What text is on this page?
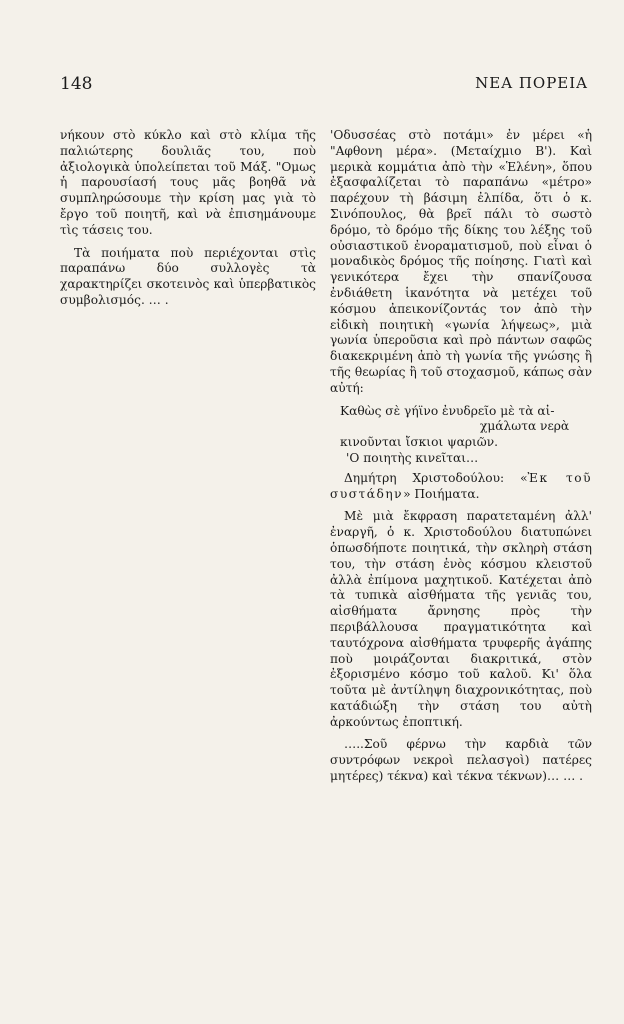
148	ΝΕΑ ΠΟΡΕΙΑ

νήκουν στὸ κύκλο καὶ στὸ κλίμα τῆς παλιώτερης δουλιᾶς του, ποὺ ἀξιολογικὰ ὑπολείπεται τοῦ Μάξ. "Ομως ἡ παρουσίασή τους μᾶς βοηθᾶ νὰ συμπληρώσουμε τὴν κρίση μας γιὰ τὸ ἔργο τοῦ ποιητῆ, καὶ νὰ ἐπισημάνουμε τὶς τάσεις του.

Τὰ ποιήματα ποὺ περιέχονται στὶς παραπάνω δύο συλλογὲς τὰ χαρακτηρίζει σκοτεινὸς καὶ ὑπερβατικὸς συμβολισμός. … .

'Οδυσσέας στὸ ποτάμι» ἐν μέρει «ἡ "Αφθονη μέρα». (Μεταίχμιο Β'). Καὶ μερικὰ κομμάτια ἀπὸ τὴν «Ἑλένη», ὅπου ἐξασφαλίζεται τὸ παραπάνω «μέτρο» παρέχουν τὴ βάσιμη ἐλπίδα, ὅτι ὁ κ. Σινόπουλος, θὰ βρεῖ πάλι τὸ σωστὸ δρόμο, τὸ δρόμο τῆς δίκης του λέξης τοῦ οὐσιαστικοῦ ἐνοραματισμοῦ, ποὺ εἶναι ὁ μοναδικὸς δρόμος τῆς ποίησης. Γιατὶ καὶ γενικότερα ἔχει τὴν σπανίζουσα ἐνδιάθετη ἱκανότητα νὰ μετέχει τοῦ κόσμου ἀπεικονίζοντάς τον ἀπὸ τὴν εἰδικὴ ποιητικὴ «γωνία λήψεως», μιὰ γωνία ὑπεροῦσια καὶ πρὸ πάντων σαφῶς διακεκριμένη ἀπὸ τὴ γωνία τῆς γνώσης ἢ τῆς θεωρίας ἢ τοῦ στοχασμοῦ, κάπως σὰν αὐτή:

Καθὼς σὲ γήϊνο ἐνυδρεῖο μὲ τὰ αἰ-
χμάλωτα νερὰ
κινοῦνται ἴσκιοι ψαριῶν.
'Ο ποιητὴς κινεῖται…
Δημήτρη Χριστοδούλου: «Ἐκ τοῦ συστάδην» Ποιήματα.

Μὲ μιὰ ἔκφραση παρατεταμένη ἀλλ' ἐναργῆ, ὁ κ. Χριστοδούλου διατυπώνει ὁπωσδήποτε ποιητικά, τὴν σκληρὴ στάση του, τὴν στάση ἑνὸς κόσμου κλειστοῦ ἀλλὰ ἐπίμονα μαχητικοῦ. Κατέχεται ἀπὸ τὰ τυπικὰ αἰσθήματα τῆς γενιᾶς του, αἰσθήματα ἄρνησης πρὸς τὴν περιβάλλουσα πραγματικότητα καὶ ταυτόχρονα αἰσθήματα τρυφερῆς ἀγάπης ποὺ μοιράζονται διακριτικά, στὸν ἐξορισμένο κόσμο τοῦ καλοῦ. Κι' ὅλα τοῦτα μὲ ἀντίληψη διαχρονικότητας, ποὺ κατάδιώξη τὴν στάση του αὐτὴ ἀρκούντως ἐποπτική.

…..Σοῦ φέρνω τὴν καρδιὰ τῶν συντρόφων νεκροὶ πελασγοὶ) πατέρες μητέρες) τέκνα) καὶ τέκνα τέκνων)… … .
